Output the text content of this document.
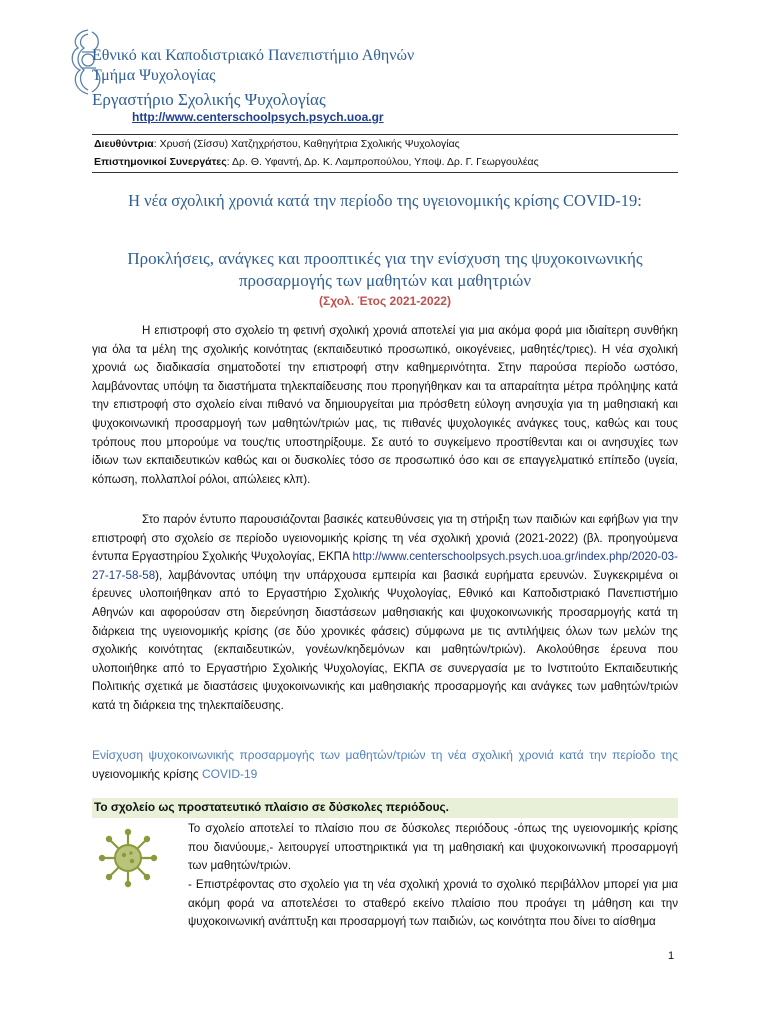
Εθνικό και Καποδιστριακό Πανεπιστήμιο Αθηνών
Τμήμα Ψυχολογίας
Εργαστήριο Σχολικής Ψυχολογίας
http://www.centerschoolpsych.psych.uoa.gr
Διευθύντρια: Χρυσή (Σίσσυ) Χατζηχρήστου, Καθηγήτρια Σχολικής Ψυχολογίας
Επιστημονικοί Συνεργάτες: Δρ. Θ. Υφαντή, Δρ. Κ. Λαμπροπούλου, Υποψ. Δρ. Γ. Γεωργουλέας
Η νέα σχολική χρονιά κατά την περίοδο της υγειονομικής κρίσης COVID-19:
Προκλήσεις, ανάγκες και προοπτικές για την ενίσχυση της ψυχοκοινωνικής προσαρμογής των μαθητών και μαθητριών
(Σχολ. Έτος 2021-2022)
Η επιστροφή στο σχολείο τη φετινή σχολική χρονιά αποτελεί για μια ακόμα φορά μια ιδιαίτερη συνθήκη για όλα τα μέλη της σχολικής κοινότητας (εκπαιδευτικό προσωπικό, οικογένειες, μαθητές/τριες). Η νέα σχολική χρονιά ως διαδικασία σηματοδοτεί την επιστροφή στην καθημερινότητα. Στην παρούσα περίοδο ωστόσο, λαμβάνοντας υπόψη τα διαστήματα τηλεκπαίδευσης που προηγήθηκαν και τα απαραίτητα μέτρα πρόληψης κατά την επιστροφή στο σχολείο είναι πιθανό να δημιουργείται μια πρόσθετη εύλογη ανησυχία για τη μαθησιακή και ψυχοκοινωνική προσαρμογή των μαθητών/τριών μας, τις πιθανές ψυχολογικές ανάγκες τους, καθώς και τους τρόπους που μπορούμε να τους/τις υποστηρίξουμε. Σε αυτό το συγκείμενο προστίθενται και οι ανησυχίες των ίδιων των εκπαιδευτικών καθώς και οι δυσκολίες τόσο σε προσωπικό όσο και σε επαγγελματικό επίπεδο (υγεία, κόπωση, πολλαπλοί ρόλοι, απώλειες κλπ).
Στο παρόν έντυπο παρουσιάζονται βασικές κατευθύνσεις για τη στήριξη των παιδιών και εφήβων για την επιστροφή στο σχολείο σε περίοδο υγειονομικής κρίσης τη νέα σχολική χρονιά (2021-2022) (βλ. προηγούμενα έντυπα Εργαστηρίου Σχολικής Ψυχολογίας, ΕΚΠΑ http://www.centerschoolpsych.psych.uoa.gr/index.php/2020-03-27-17-58-58), λαμβάνοντας υπόψη την υπάρχουσα εμπειρία και βασικά ευρήματα ερευνών. Συγκεκριμένα οι έρευνες υλοποιήθηκαν από το Εργαστήριο Σχολικής Ψυχολογίας, Εθνικό και Καποδιστριακό Πανεπιστήμιο Αθηνών και αφορούσαν στη διερεύνηση διαστάσεων μαθησιακής και ψυχοκοινωνικής προσαρμογής κατά τη διάρκεια της υγειονομικής κρίσης (σε δύο χρονικές φάσεις) σύμφωνα με τις αντιλήψεις όλων των μελών της σχολικής κοινότητας (εκπαιδευτικών, γονέων/κηδεμόνων και μαθητών/τριών). Ακολούθησε έρευνα που υλοποιήθηκε από το Εργαστήριο Σχολικής Ψυχολογίας, ΕΚΠΑ σε συνεργασία με το Ινστιτούτο Εκπαιδευτικής Πολιτικής σχετικά με διαστάσεις ψυχοκοινωνικής και μαθησιακής προσαρμογής και ανάγκες των μαθητών/τριών κατά τη διάρκεια της τηλεκπαίδευσης.
Ενίσχυση ψυχοκοινωνικής προσαρμογής των μαθητών/τριών τη νέα σχολική χρονιά κατά την περίοδο της υγειονομικής κρίσης COVID-19
Το σχολείο ως προστατευτικό πλαίσιο σε δύσκολες περιόδους.
Το σχολείο αποτελεί το πλαίσιο που σε δύσκολες περιόδους -όπως της υγειονομικής κρίσης που διανύουμε,- λειτουργεί υποστηρικτικά για τη μαθησιακή και ψυχοκοινωνική προσαρμογή των μαθητών/τριών.
- Επιστρέφοντας στο σχολείο για τη νέα σχολική χρονιά το σχολικό περιβάλλον μπορεί για μια ακόμη φορά να αποτελέσει το σταθερό εκείνο πλαίσιο που προάγει τη μάθηση και την ψυχοκοινωνική ανάπτυξη και προσαρμογή των παιδιών, ως κοινότητα που δίνει το αίσθημα
1
